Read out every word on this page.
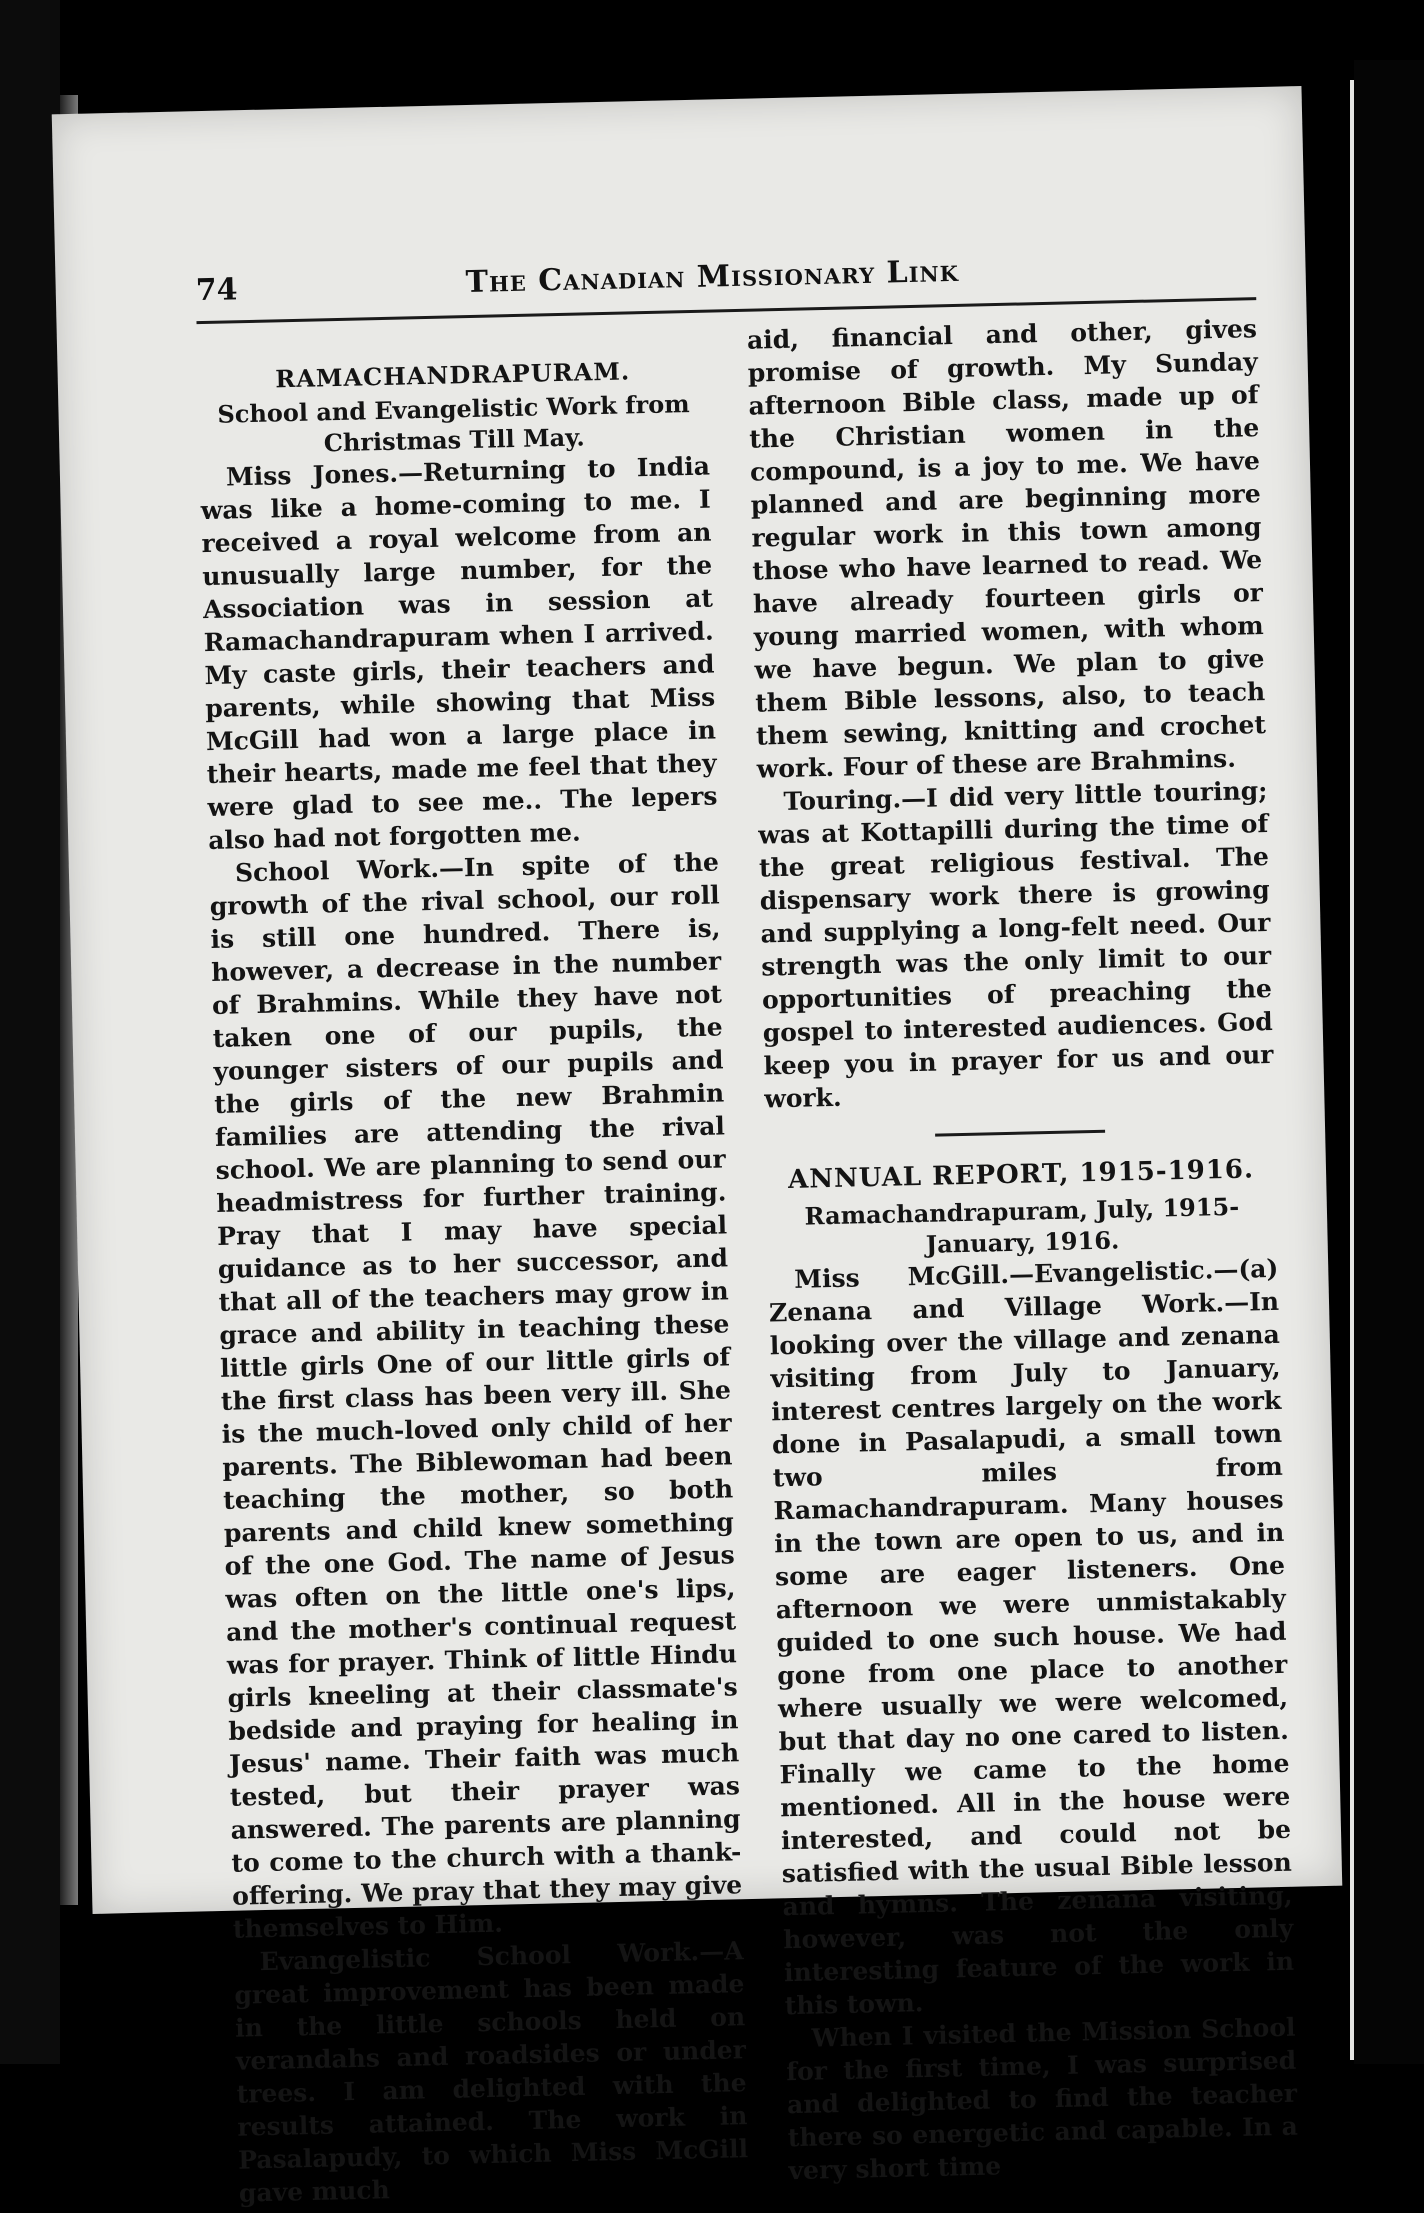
74	The Canadian Missionary Link
RAMACHANDRAPURAM.
School and Evangelistic Work from Christmas Till May.

Miss Jones.—Returning to India was like a home-coming to me. I received a royal welcome from an unusually large number, for the Association was in session at Ramachandrapuram when I arrived. My caste girls, their teachers and parents, while showing that Miss McGill had won a large place in their hearts, made me feel that they were glad to see me.. The lepers also had not forgotten me.

School Work.—In spite of the growth of the rival school, our roll is still one hundred. There is, however, a decrease in the number of Brahmins. While they have not taken one of our pupils, the younger sisters of our pupils and the girls of the new Brahmin families are attending the rival school. We are planning to send our headmistress for further training. Pray that I may have special guidance as to her successor, and that all of the teachers may grow in grace and ability in teaching these little girls One of our little girls of the first class has been very ill. She is the much-loved only child of her parents. The Biblewoman had been teaching the mother, so both parents and child knew something of the one God. The name of Jesus was often on the little one's lips, and the mother's continual request was for prayer. Think of little Hindu girls kneeling at their classmate's bedside and praying for healing in Jesus' name. Their faith was much tested, but their prayer was answered. The parents are planning to come to the church with a thank-offering. We pray that they may give themselves to Him.

Evangelistic School Work.—A great improvement has been made in the little schools held on verandahs and roadsides or under trees. I am delighted with the results attained. The work in Pasalapudy, to which Miss McGill gave much

aid, financial and other, gives promise of growth. My Sunday afternoon Bible class, made up of the Christian women in the compound, is a joy to me. We have planned and are beginning more regular work in this town among those who have learned to read. We have already fourteen girls or young married women, with whom we have begun. We plan to give them Bible lessons, also, to teach them sewing, knitting and crochet work. Four of these are Brahmins.

Touring.—I did very little touring; was at Kottapilli during the time of the great religious festival. The dispensary work there is growing and supplying a long-felt need. Our strength was the only limit to our opportunities of preaching the gospel to interested audiences. God keep you in prayer for us and our work.

ANNUAL REPORT, 1915-1916.
Ramachandrapuram, July, 1915-January, 1916.

Miss McGill.—Evangelistic.—(a) Zenana and Village Work.—In looking over the village and zenana visiting from July to January, interest centres largely on the work done in Pasalapudi, a small town two miles from Ramachandrapuram. Many houses in the town are open to us, and in some are eager listeners. One afternoon we were unmistakably guided to one such house. We had gone from one place to another where usually we were welcomed, but that day no one cared to listen. Finally we came to the home mentioned. All in the house were interested, and could not be satisfied with the usual Bible lesson and hymns. The zenana visiting, however, was not the only interesting feature of the work in this town.

When I visited the Mission School for the first time, I was surprised and delighted to find the teacher there so energetic and capable. In a very short time
